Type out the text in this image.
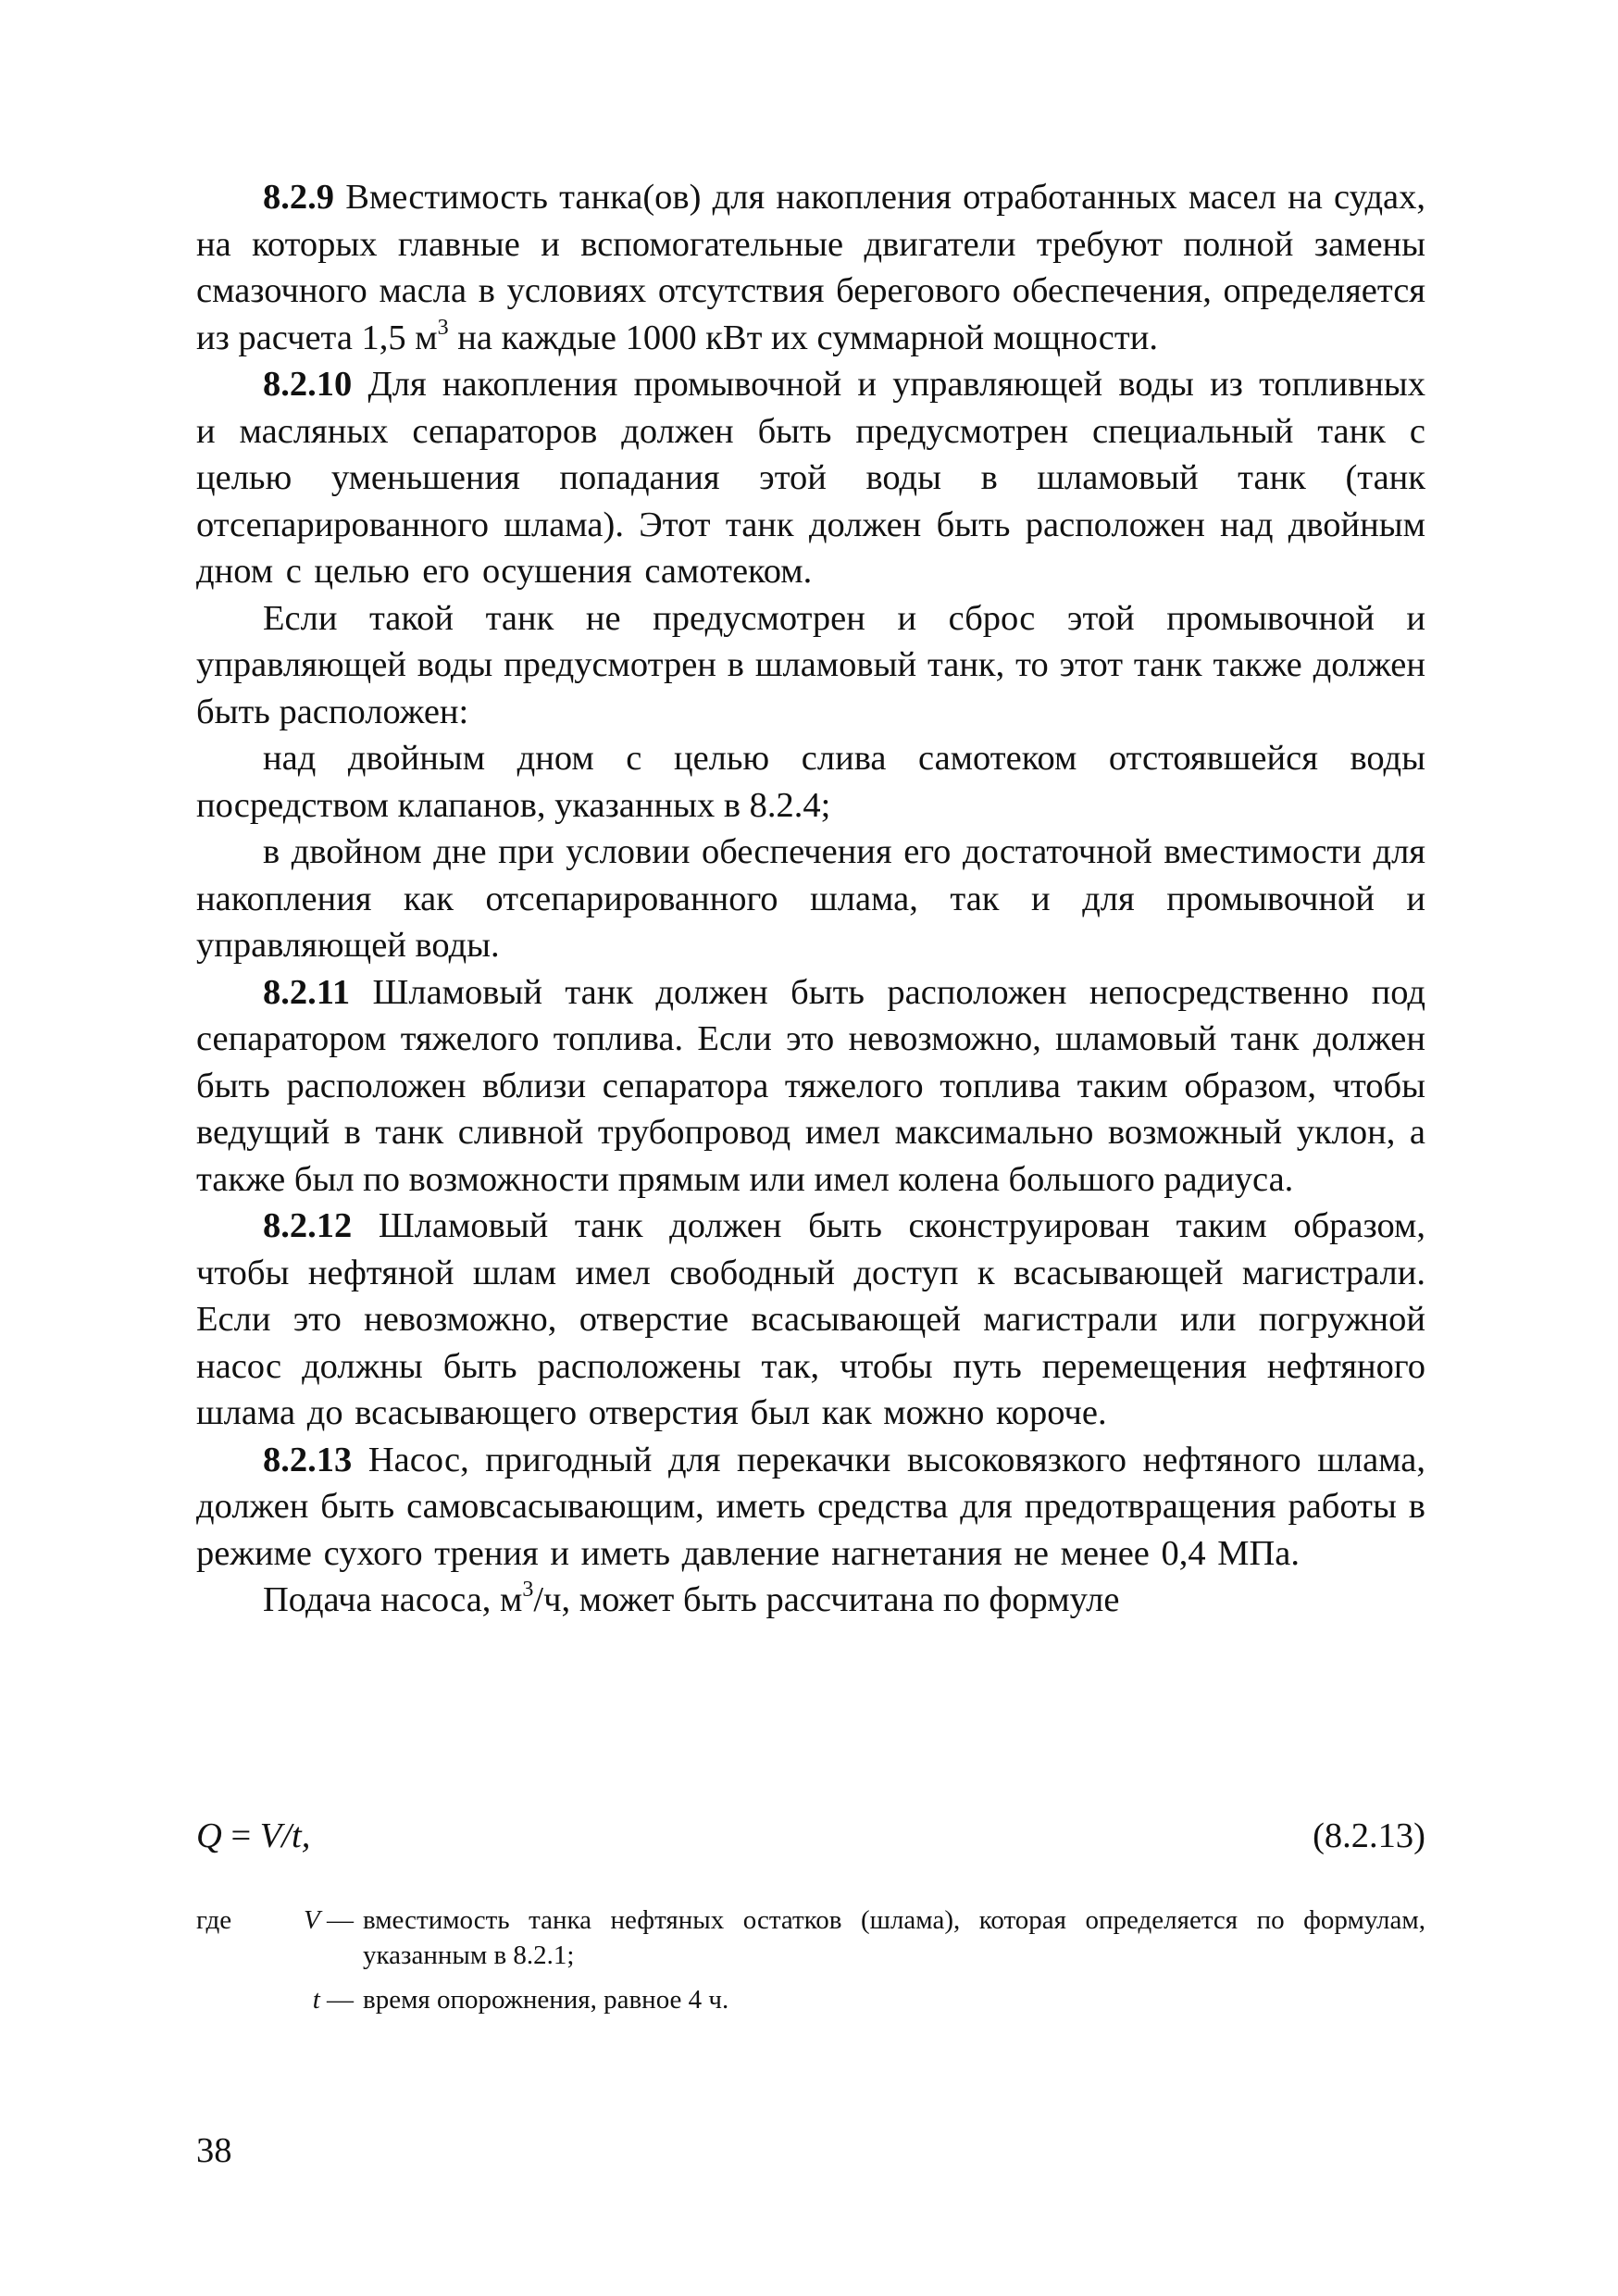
8.2.9 Вместимость танка(ов) для накопления отработанных масел на судах, на которых главные и вспомогательные двигатели требуют полной замены смазочного масла в условиях отсутствия берегового обеспечения, определяется из расчета 1,5 $м^3$ на каждые 1000 кВт их суммарной мощности.

8.2.10 Для накопления промывочной и управляющей воды из топливных и масляных сепараторов должен быть предусмотрен специальный танк с целью уменьшения попадания этой воды в шламовый танк (танк отсепарированного шлама). Этот танк должен быть расположен над двойным дном с целью его осушения самотеком.

Если такой танк не предусмотрен и сброс этой промывочной и управляющей воды предусмотрен в шламовый танк, то этот танк также должен быть расположен:

над двойным дном с целью слива самотеком отстоявшейся воды посредством клапанов, указанных в 8.2.4;

в двойном дне при условии обеспечения его достаточной вместимости для накопления как отсепарированного шлама, так и для промывочной и управляющей воды.

8.2.11 Шламовый танк должен быть расположен непосредственно под сепаратором тяжелого топлива. Если это невозможно, шламовый танк должен быть расположен вблизи сепаратора тяжелого топлива таким образом, чтобы ведущий в танк сливной трубопровод имел максимально возможный уклон, а также был по возможности прямым или имел колена большого радиуса.

8.2.12 Шламовый танк должен быть сконструирован таким образом, чтобы нефтяной шлам имел свободный доступ к всасывающей магистрали. Если это невозможно, отверстие всасывающей магистрали или погружной насос должны быть расположены так, чтобы путь перемещения нефтяного шлама до всасывающего отверстия был как можно короче.

8.2.13 Насос, пригодный для перекачки высоковязкого нефтяного шлама, должен быть самовсасывающим, иметь средства для предотвращения работы в режиме сухого трения и иметь давление нагнетания не менее 0,4 МПа.

Подача насоса, $м^3/ч$, может быть рассчитана по формуле

Q = V/t,	(8.2.13)
где	V — вместимость танка нефтяных остатков (шлама), которая определяется по формулам, указанным в 8.2.1;
t — время опорожнения, равное 4 ч.
38
